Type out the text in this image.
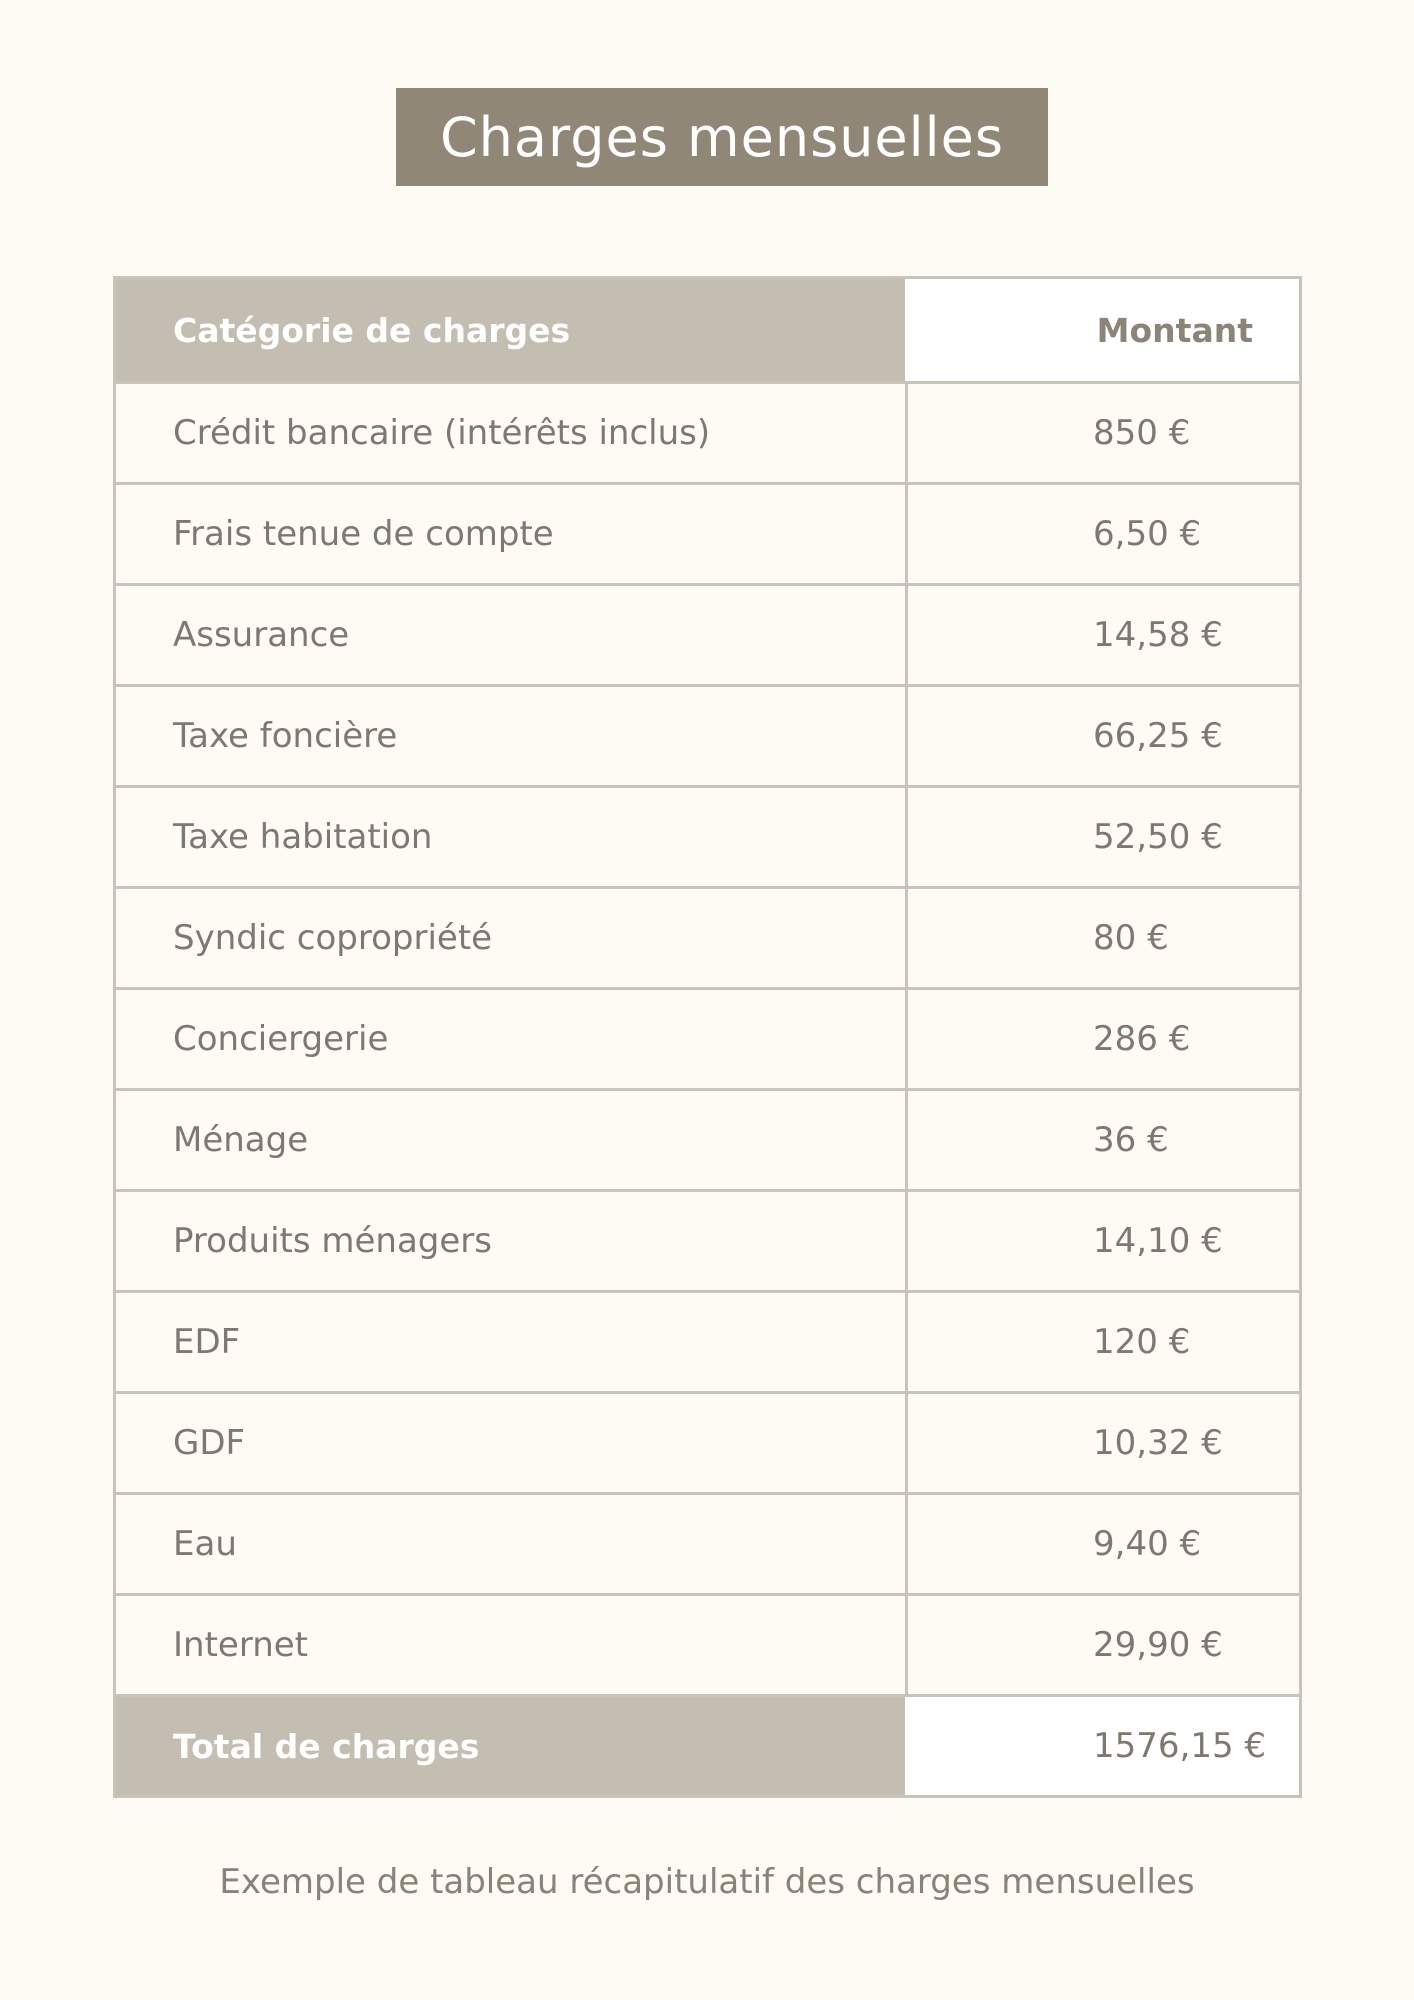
Charges mensuelles
Catégorie de charges	Montant
Crédit bancaire (intérêts inclus)	850 €
Frais tenue de compte	6,50 €
Assurance	14,58 €
Taxe foncière	66,25 €
Taxe habitation	52,50 €
Syndic copropriété	80 €
Conciergerie	286 €
Ménage	36 €
Produits ménagers	14,10 €
EDF	120 €
GDF	10,32 €
Eau	9,40 €
Internet	29,90 €
Total de charges	1576,15 €
Exemple de tableau récapitulatif des charges mensuelles
